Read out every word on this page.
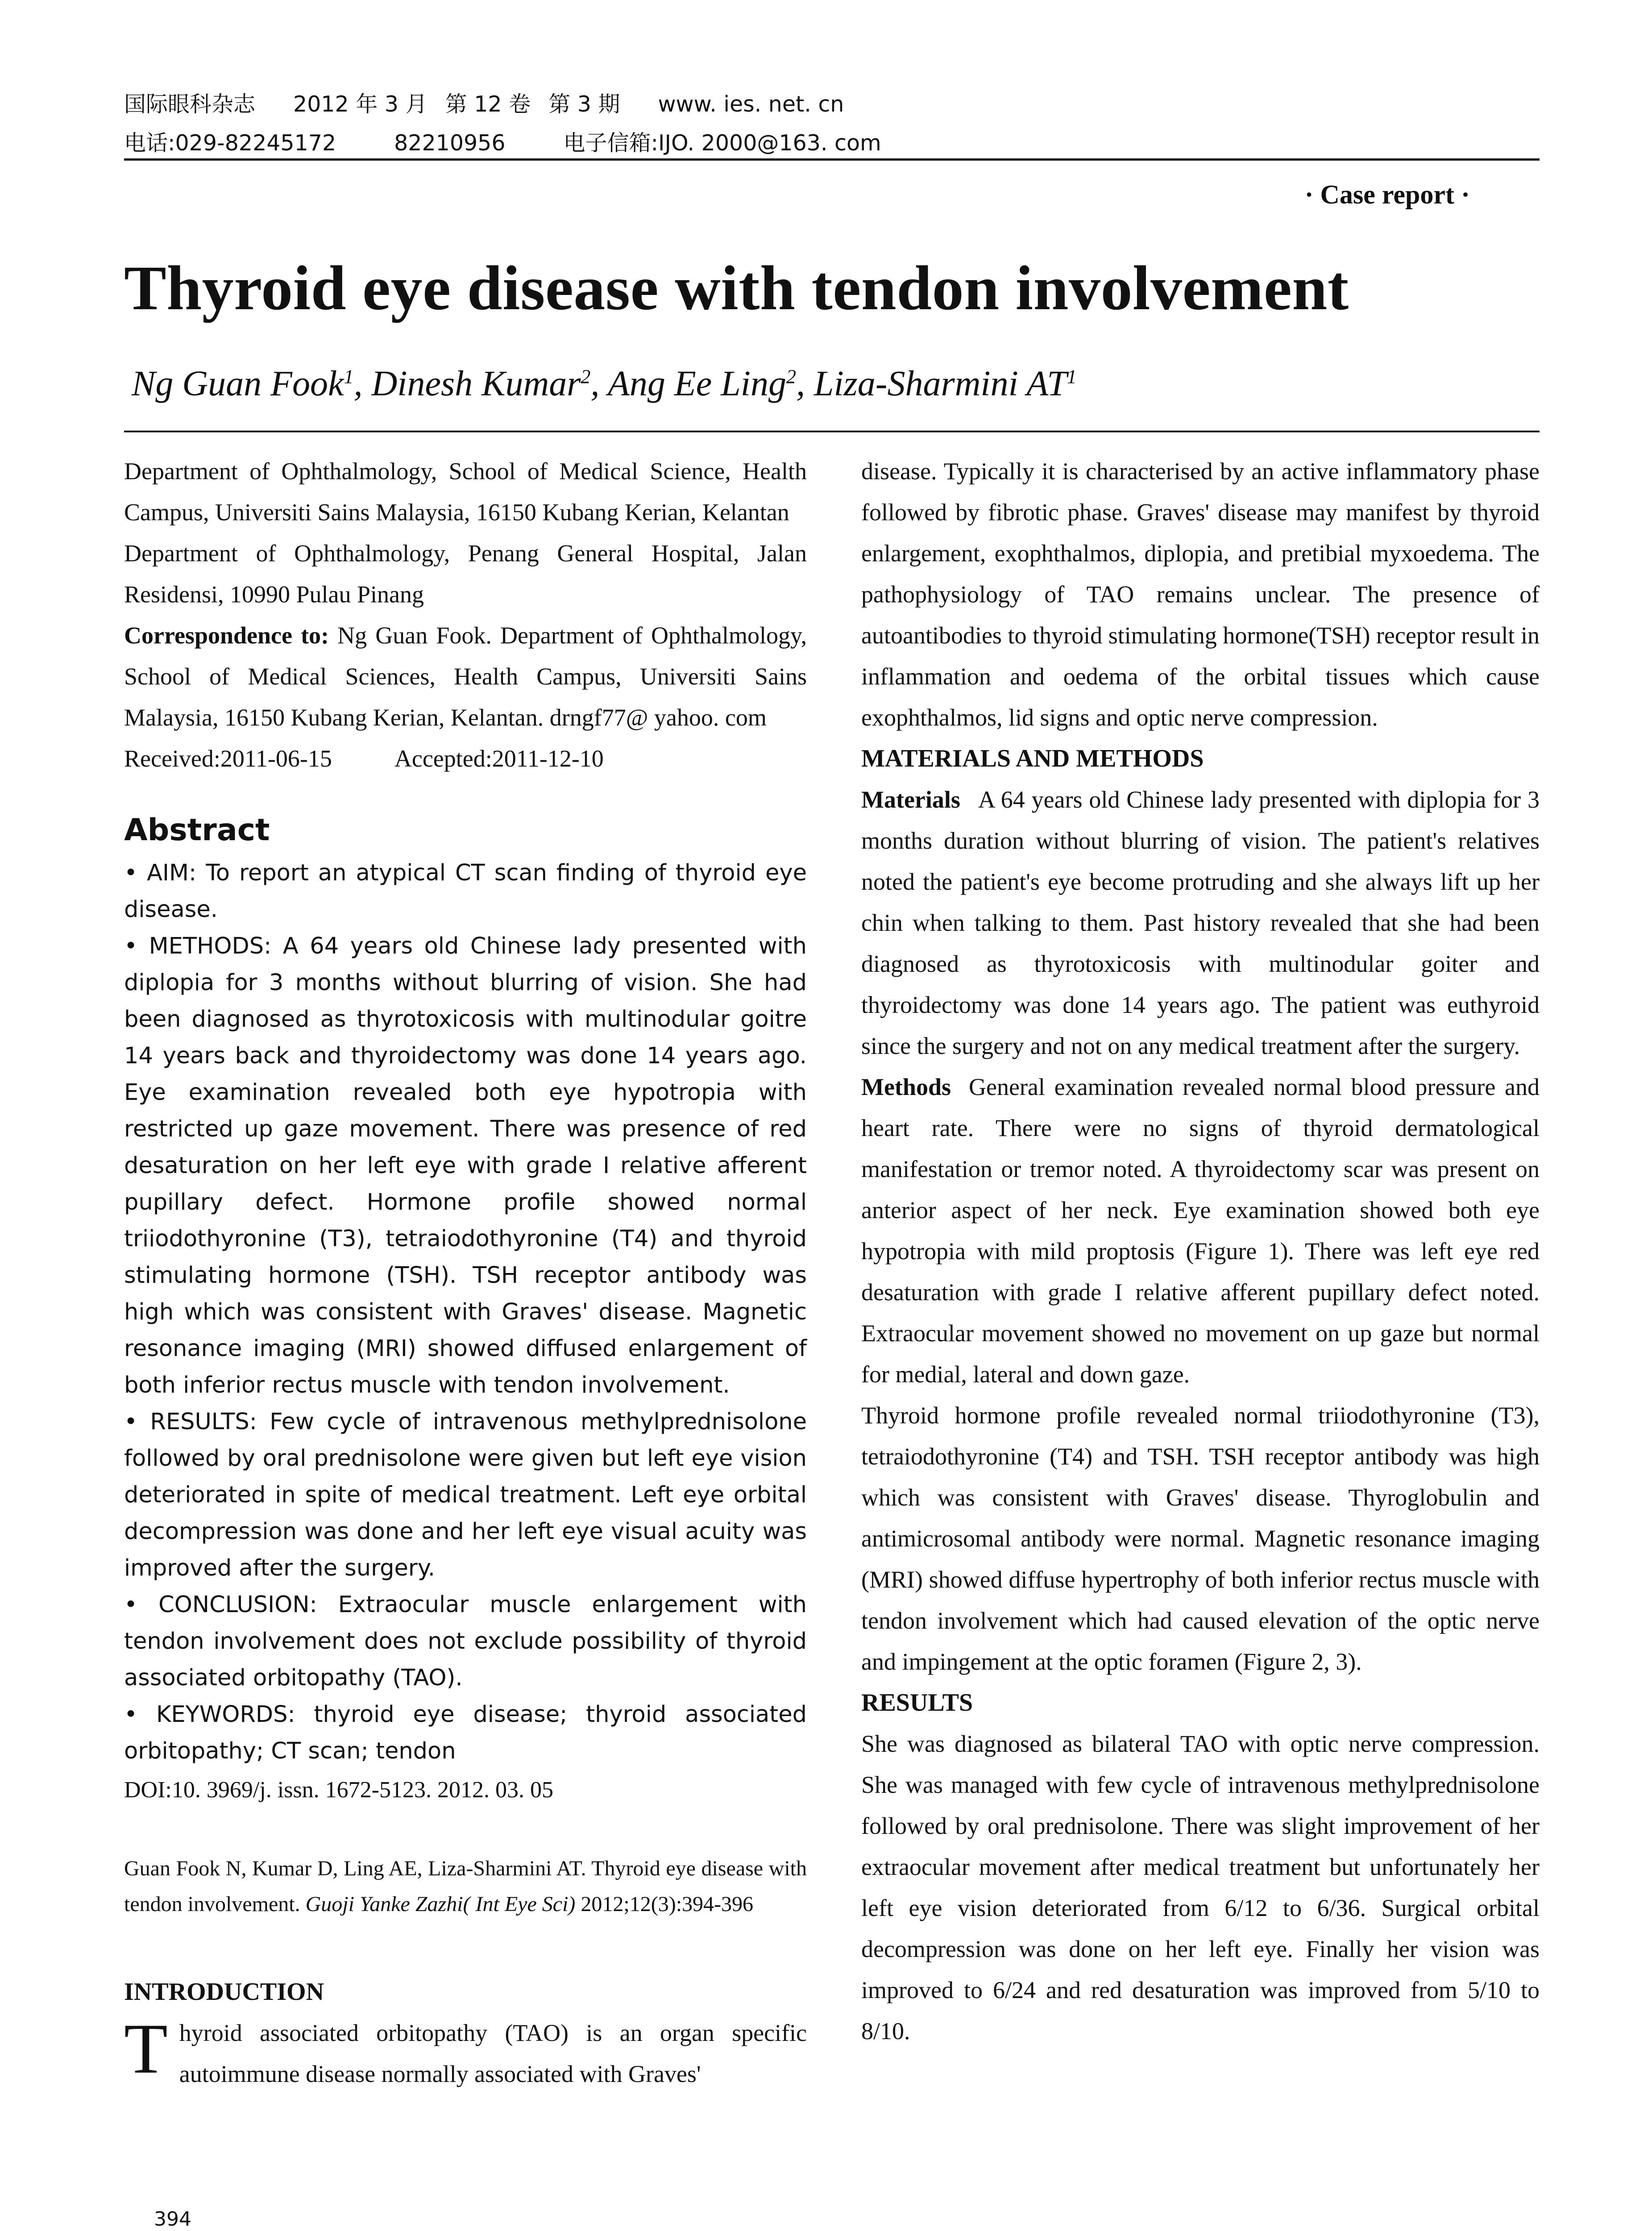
国际眼科杂志 2012 年 3 月 第 12 卷 第 3 期 www. ies. net. cn
电话:029-82245172	82210956	电子信箱:IJO. 2000@163. com
· Case report ·
Thyroid eye disease with tendon involvement
Ng Guan Fook$^1$, Dinesh Kumar$^2$, Ang Ee Ling$^2$, Liza-Sharmini $AT^1$

Department of Ophthalmology, School of Medical Science, Health Campus, Universiti Sains Malaysia, 16150 Kubang Kerian, Kelantan

Department of Ophthalmology, Penang General Hospital, Jalan Residensi, 10990 Pulau Pinang

Correspondence to: Ng Guan Fook. Department of Ophthalmology, School of Medical Sciences, Health Campus, Universiti Sains Malaysia, 16150 Kubang Kerian, Kelantan. drngf77@ yahoo. com

Received:2011-06-15	Accepted:2011-12-10

Abstract

• AIM: To report an atypical CT scan finding of thyroid eye disease.

• METHODS: A 64 years old Chinese lady presented with diplopia for 3 months without blurring of vision. She had been diagnosed as thyrotoxicosis with multinodular goitre 14 years back and thyroidectomy was done 14 years ago. Eye examination revealed both eye hypotropia with restricted up gaze movement. There was presence of red desaturation on her left eye with grade I relative afferent pupillary defect. Hormone profile showed normal triiodothyronine (T3), tetraiodothyronine (T4) and thyroid stimulating hormone (TSH). TSH receptor antibody was high which was consistent with Graves' disease. Magnetic resonance imaging (MRI) showed diffused enlargement of both inferior rectus muscle with tendon involvement.

• RESULTS: Few cycle of intravenous methylprednisolone followed by oral prednisolone were given but left eye vision deteriorated in spite of medical treatment. Left eye orbital decompression was done and her left eye visual acuity was improved after the surgery.

• CONCLUSION: Extraocular muscle enlargement with tendon involvement does not exclude possibility of thyroid associated orbitopathy (TAO).

• KEYWORDS: thyroid eye disease; thyroid associated orbitopathy; CT scan; tendon

DOI:10. 3969/j. issn. 1672-5123. 2012. 03. 05

Guan Fook N, Kumar D, Ling AE, Liza-Sharmini AT. Thyroid eye disease with tendon involvement. Guoji Yanke Zazhi( Int Eye Sci) 2012;12(3):394-396

INTRODUCTION

Thyroid associated orbitopathy (TAO) is an organ specific autoimmune disease normally associated with Graves'

disease. Typically it is characterised by an active inflammatory phase followed by fibrotic phase. Graves' disease may manifest by thyroid enlargement, exophthalmos, diplopia, and pretibial myxoedema. The pathophysiology of TAO remains unclear. The presence of autoantibodies to thyroid stimulating hormone(TSH) receptor result in inflammation and oedema of the orbital tissues which cause exophthalmos, lid signs and optic nerve compression.

MATERIALS AND METHODS

Materials A 64 years old Chinese lady presented with diplopia for 3 months duration without blurring of vision. The patient's relatives noted the patient's eye become protruding and she always lift up her chin when talking to them. Past history revealed that she had been diagnosed as thyrotoxicosis with multinodular goiter and thyroidectomy was done 14 years ago. The patient was euthyroid since the surgery and not on any medical treatment after the surgery.

Methods General examination revealed normal blood pressure and heart rate. There were no signs of thyroid dermatological manifestation or tremor noted. A thyroidectomy scar was present on anterior aspect of her neck. Eye examination showed both eye hypotropia with mild proptosis (Figure 1). There was left eye red desaturation with grade I relative afferent pupillary defect noted. Extraocular movement showed no movement on up gaze but normal for medial, lateral and down gaze.

Thyroid hormone profile revealed normal triiodothyronine (T3), tetraiodothyronine (T4) and TSH. TSH receptor antibody was high which was consistent with Graves' disease. Thyroglobulin and antimicrosomal antibody were normal. Magnetic resonance imaging (MRI) showed diffuse hypertrophy of both inferior rectus muscle with tendon involvement which had caused elevation of the optic nerve and impingement at the optic foramen (Figure 2, 3).

RESULTS

She was diagnosed as bilateral TAO with optic nerve compression. She was managed with few cycle of intravenous methylprednisolone followed by oral prednisolone. There was slight improvement of her extraocular movement after medical treatment but unfortunately her left eye vision deteriorated from 6/12 to 6/36. Surgical orbital decompression was done on her left eye. Finally her vision was improved to 6/24 and red desaturation was improved from 5/10 to 8/10.

394
